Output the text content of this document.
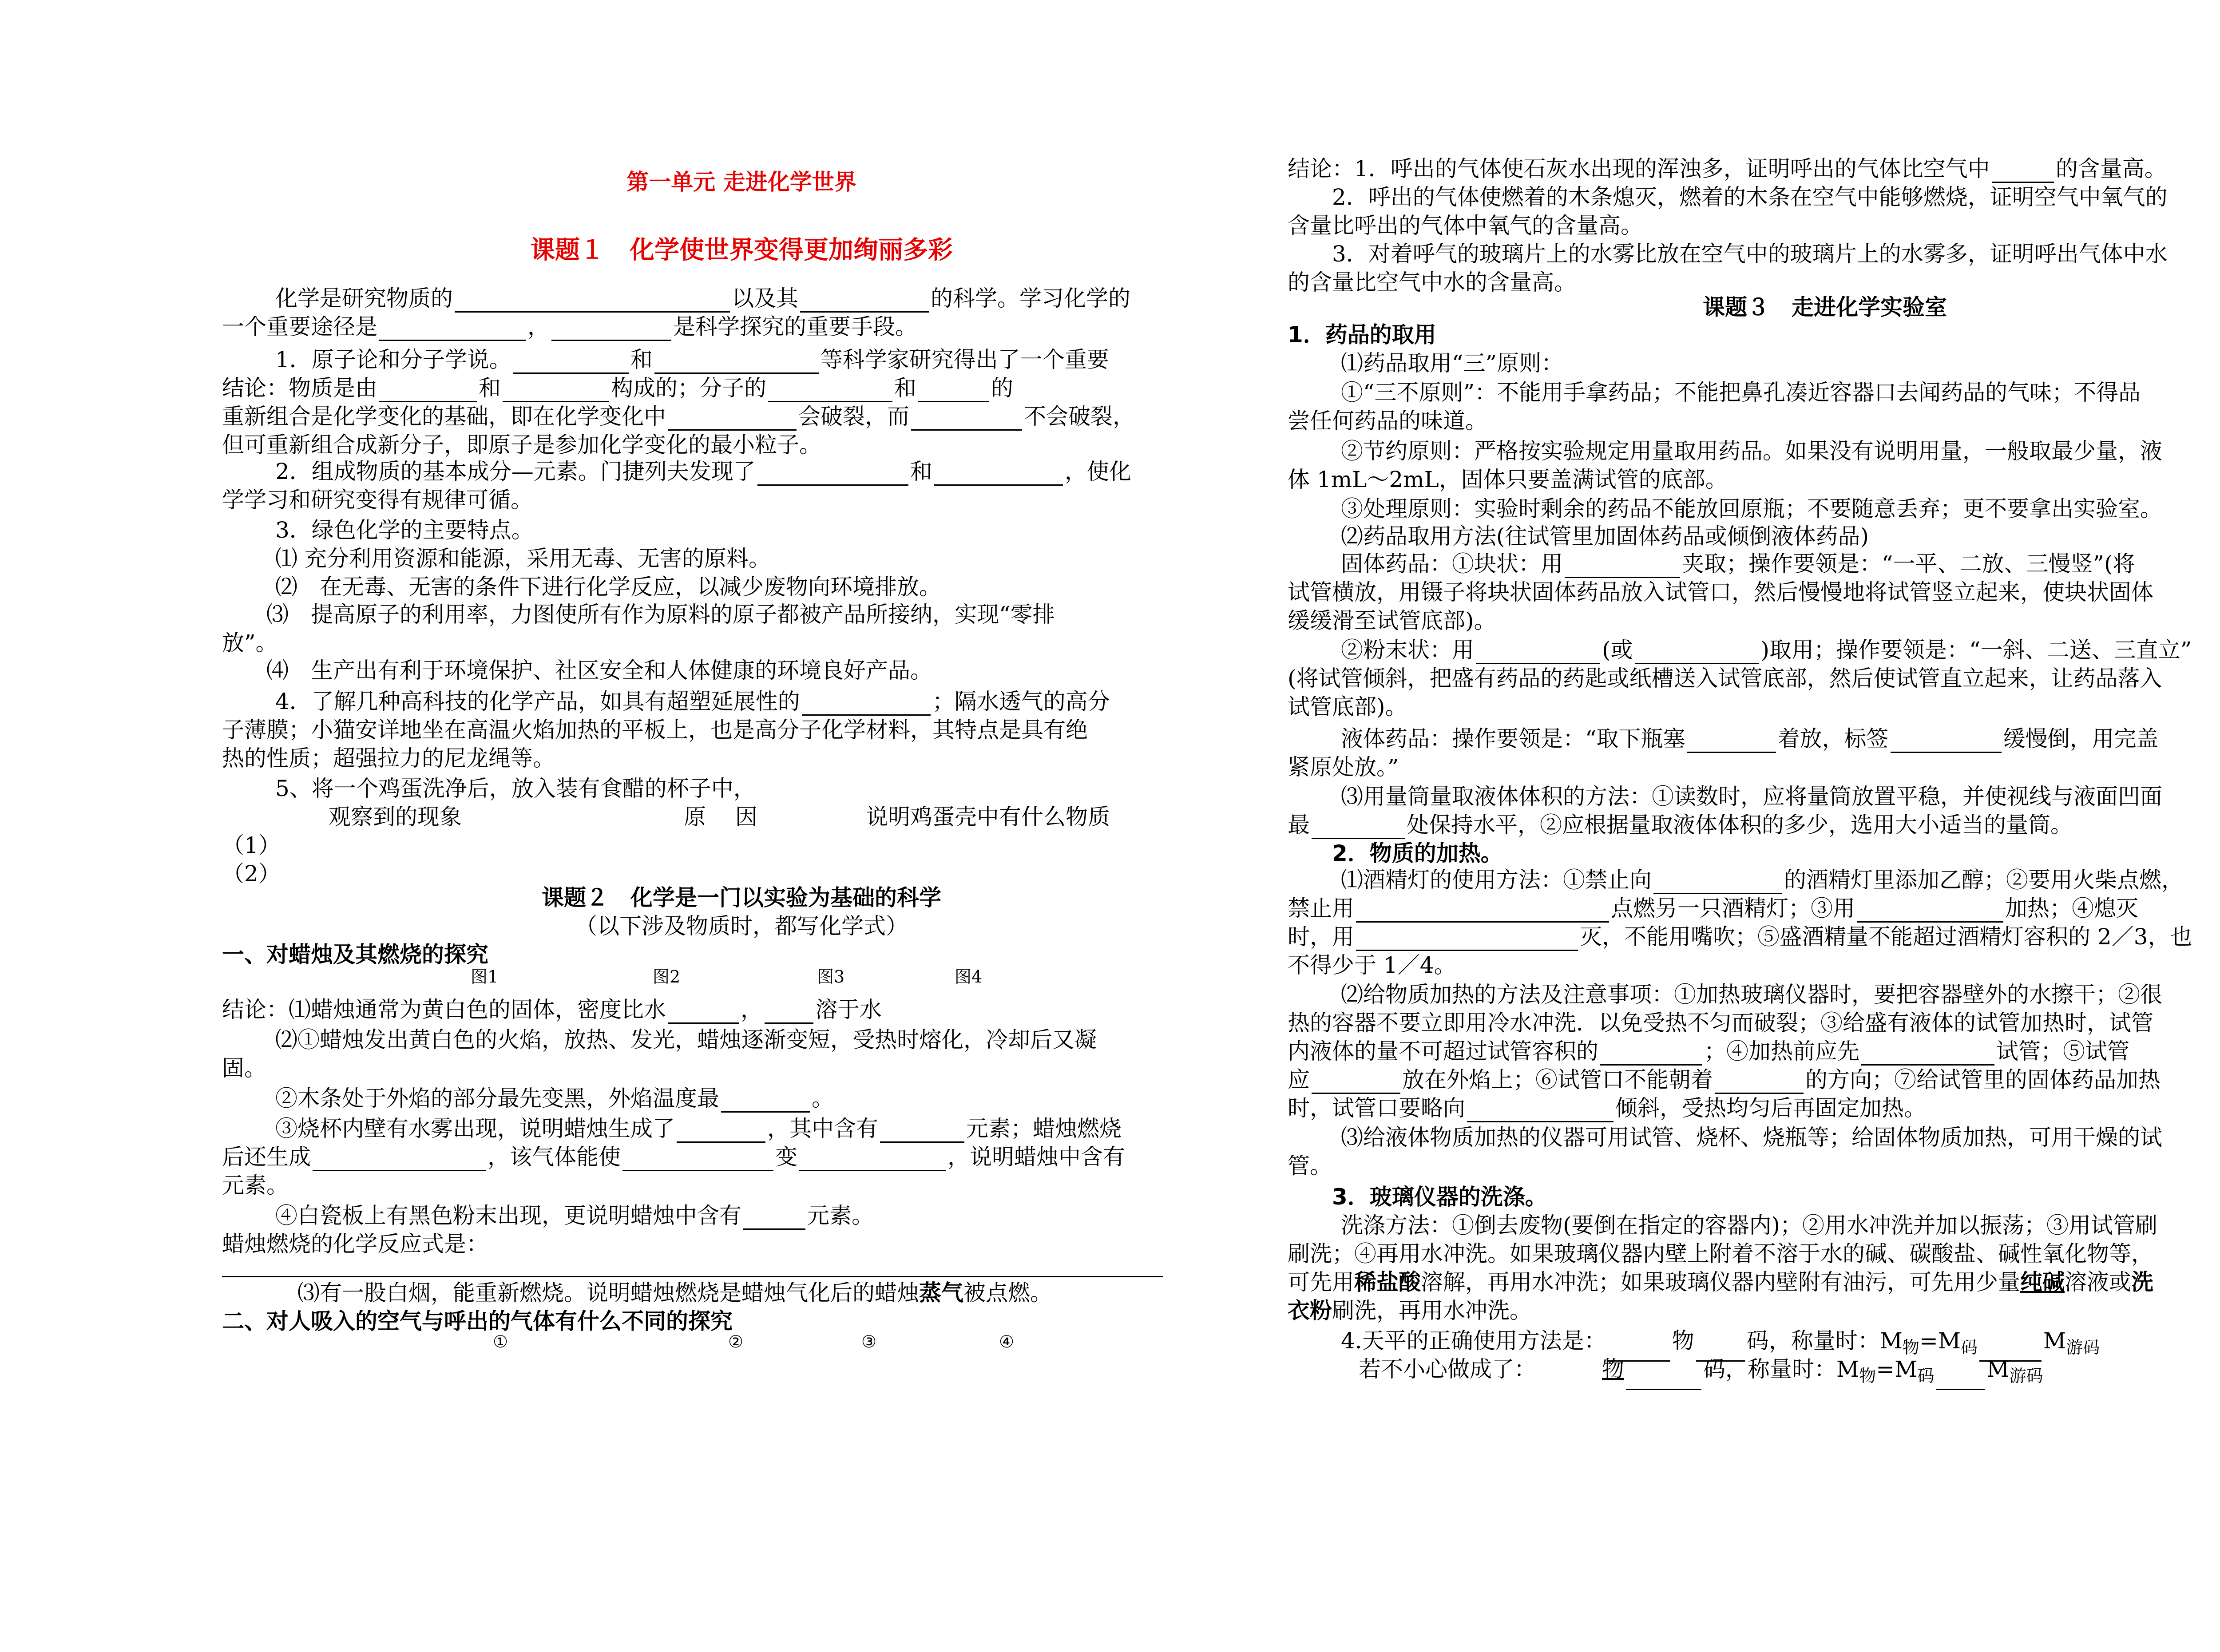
第一单元 走进化学世界
课题１　化学使世界变得更加绚丽多彩
化学是研究物质的	以及其	的科学。学习化学的
一个重要途径是	，	是科学探究的重要手段。
1．原子论和分子学说。	和	等科学家研究得出了一个重要
结论：物质是由	和	构成的；分子的	和	的
重新组合是化学变化的基础，即在化学变化中	会破裂，而	不会破裂，
但可重新组合成新分子，即原子是参加化学变化的最小粒子。
2．组成物质的基本成分—元素。门捷列夫发现了	和	，使化
学学习和研究变得有规律可循。
3．绿色化学的主要特点。
⑴ 充分利用资源和能源，采用无毒、无害的原料。
⑵　在无毒、无害的条件下进行化学反应，以减少废物向环境排放。
⑶　提高原子的利用率，力图使所有作为原料的原子都被产品所接纳，实现“零排
放”。
⑷　生产出有利于环境保护、社区安全和人体健康的环境良好产品。
4．了解几种高科技的化学产品，如具有超塑延展性的	；隔水透气的高分
子薄膜；小猫安详地坐在高温火焰加热的平板上，也是高分子化学材料，其特点是具有绝
热的性质；超强拉力的尼龙绳等。
5、将一个鸡蛋洗净后，放入装有食醋的杯子中，
观察到的现象	原　 因	说明鸡蛋壳中有什么物质
（1）
（2）
课题２　化学是一门以实验为基础的科学
（以下涉及物质时，都写化学式）
一、对蜡烛及其燃烧的探究
图1	图2	图3	图4
结论：⑴蜡烛通常为黄白色的固体，密度比水	， 溶于水
⑵①蜡烛发出黄白色的火焰，放热、发光，蜡烛逐渐变短，受热时熔化，冷却后又凝
固。
②木条处于外焰的部分最先变黑，外焰温度最	。
③烧杯内壁有水雾出现，说明蜡烛生成了	，其中含有	元素；蜡烛燃烧
后还生成	，该气体能使	变	，说明蜡烛中含有
元素。
④白瓷板上有黑色粉末出现，更说明蜡烛中含有	元素。
蜡烛燃烧的化学反应式是：
⑶有一股白烟，能重新燃烧。说明蜡烛燃烧是蜡烛气化后的蜡烛蒸气被点燃。
二、对人吸入的空气与呼出的气体有什么不同的探究
①	②	③	④
结论：1．呼出的气体使石灰水出现的浑浊多，证明呼出的气体比空气中	的含量高。
2．呼出的气体使燃着的木条熄灭，燃着的木条在空气中能够燃烧，证明空气中氧气的
含量比呼出的气体中氧气的含量高。
3．对着呼气的玻璃片上的水雾比放在空气中的玻璃片上的水雾多，证明呼出气体中水
的含量比空气中水的含量高。
课题３　走进化学实验室
1．药品的取用
⑴药品取用“三”原则：
①“三不原则”：不能用手拿药品；不能把鼻孔凑近容器口去闻药品的气味；不得品
尝任何药品的味道。
②节约原则：严格按实验规定用量取用药品。如果没有说明用量，一般取最少量，液
体 1mL～2mL，固体只要盖满试管的底部。
③处理原则：实验时剩余的药品不能放回原瓶；不要随意丢弃；更不要拿出实验室。
⑵药品取用方法(往试管里加固体药品或倾倒液体药品)
固体药品：①块状：用	夹取；操作要领是：“一平、二放、三慢竖”(将
试管横放，用镊子将块状固体药品放入试管口，然后慢慢地将试管竖立起来，使块状固体
缓缓滑至试管底部)。
②粉末状：用	(或	)取用；操作要领是：“一斜、二送、三直立”
(将试管倾斜，把盛有药品的药匙或纸槽送入试管底部，然后使试管直立起来，让药品落入
试管底部)。
液体药品：操作要领是：“取下瓶塞	着放，标签	缓慢倒，用完盖
紧原处放。”
⑶用量筒量取液体体积的方法：①读数时，应将量筒放置平稳，并使视线与液面凹面
最	处保持水平，②应根据量取液体体积的多少，选用大小适当的量筒。
2．物质的加热。
⑴酒精灯的使用方法：①禁止向	的酒精灯里添加乙醇；②要用火柴点燃，
禁止用	点燃另一只酒精灯；③用	加热；④熄灭
时，用	灭，不能用嘴吹；⑤盛酒精量不能超过酒精灯容积的 2／3，也
不得少于 1／4。
⑵给物质加热的方法及注意事项：①加热玻璃仪器时，要把容器壁外的水擦干；②很
热的容器不要立即用冷水冲洗．以免受热不匀而破裂；③给盛有液体的试管加热时，试管
内液体的量不可超过试管容积的	；④加热前应先	试管；⑤试管
应	放在外焰上；⑥试管口不能朝着	的方向；⑦给试管里的固体药品加热
时，试管口要略向	倾斜，受热均匀后再固定加热。
⑶给液体物质加热的仪器可用试管、烧杯、烧瓶等；给固体物质加热，可用干燥的试
管。
3．玻璃仪器的洗涤。
洗涤方法：①倒去废物(要倒在指定的容器内)；②用水冲洗并加以振荡；③用试管刷
刷洗；④再用水冲洗。如果玻璃仪器内壁上附着不溶于水的碱、碳酸盐、碱性氧化物等，
可先用稀盐酸溶解，再用水冲洗；如果玻璃仪器内壁附有油污，可先用少量纯碱溶液或洗
衣粉刷洗，再用水冲洗。
4.天平的正确使用方法是：	物 码，称量时：$M_物=M_码$	$M_{游码}$
若不小心做成了：	物	码，称量时：$M_物=M_码$ $M_{游码}$
